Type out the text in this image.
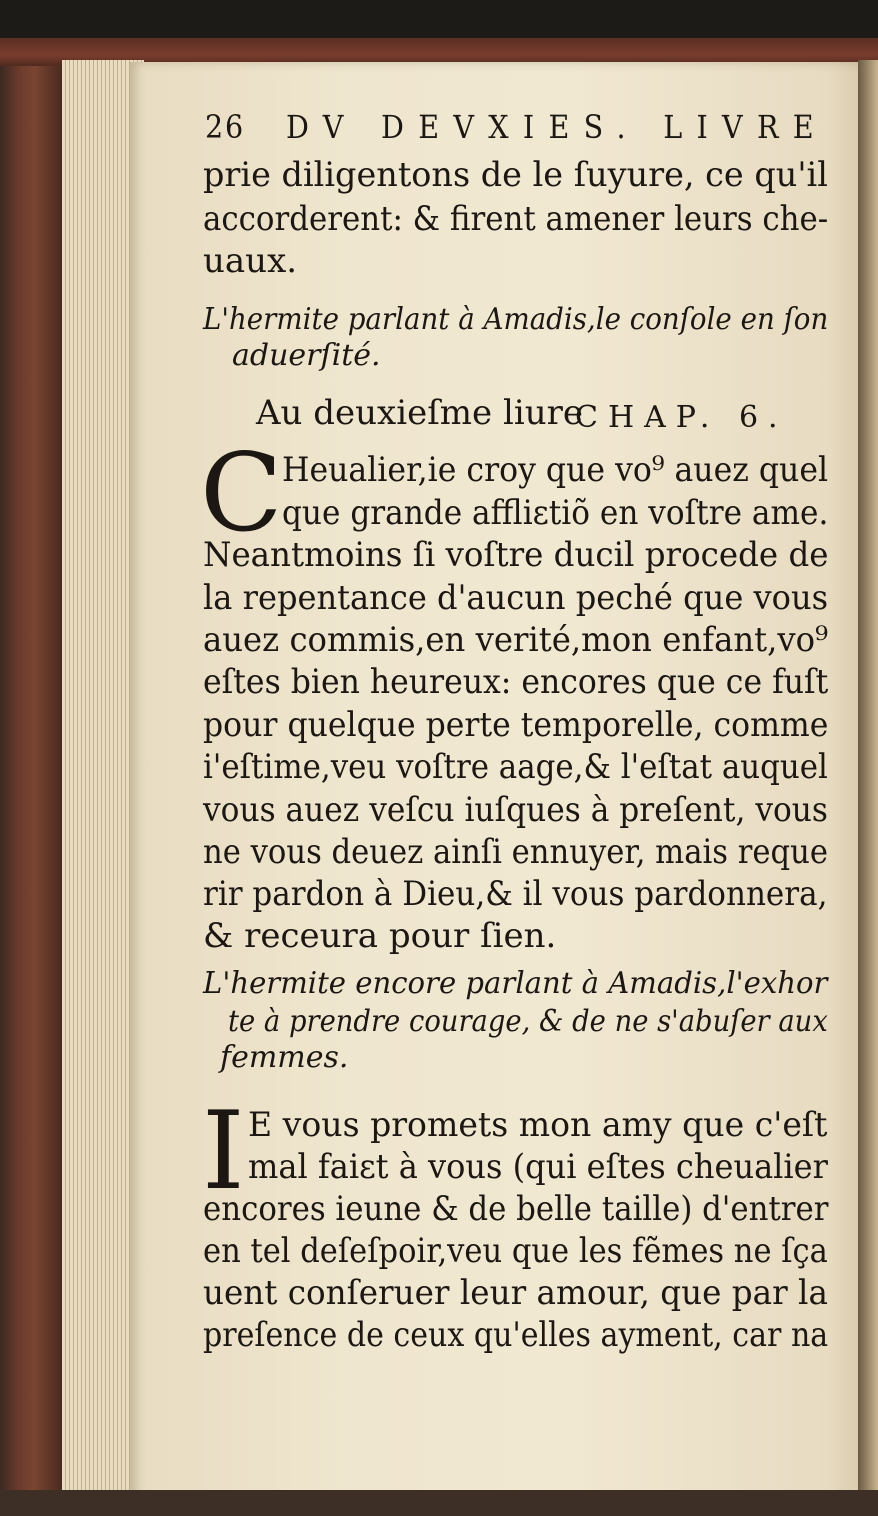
26 DV DEVXIES. LIVRE
prie diligentons de le ſuyure, ce qu'il
accorderent: & firent amener leurs che-
uaux.
L'hermite parlant à Amadis,le conſole en ſon
aduerſité.
Au deuxieſme liure
CHAP. 6.
C Heualier,ie croy que vo⁹ auez quel
que grande affliɛtiõ en voſtre ame.
Neantmoins ſi voſtre ducil procede de
la repentance d'aucun peché que vous
auez commis,en verité,mon enfant,vo⁹
eſtes bien heureux: encores que ce fuſt
pour quelque perte temporelle, comme
i'eſtime,veu voſtre aage,& l'eſtat auquel
vous auez veſcu iuſques à preſent, vous
ne vous deuez ainſi ennuyer, mais reque
rir pardon à Dieu,& il vous pardonnera,
& receura pour ſien.
L'hermite encore parlant à Amadis,l'exhor
te à prendre courage, & de ne s'abuſer aux
femmes.
I E vous promets mon amy que c'eſt
mal faiɛt à vous (qui eſtes cheualier
encores ieune & de belle taille) d'entrer
en tel deſeſpoir,veu que les fẽmes ne ſça
uent conſeruer leur amour, que par la
preſence de ceux qu'elles ayment, car na
